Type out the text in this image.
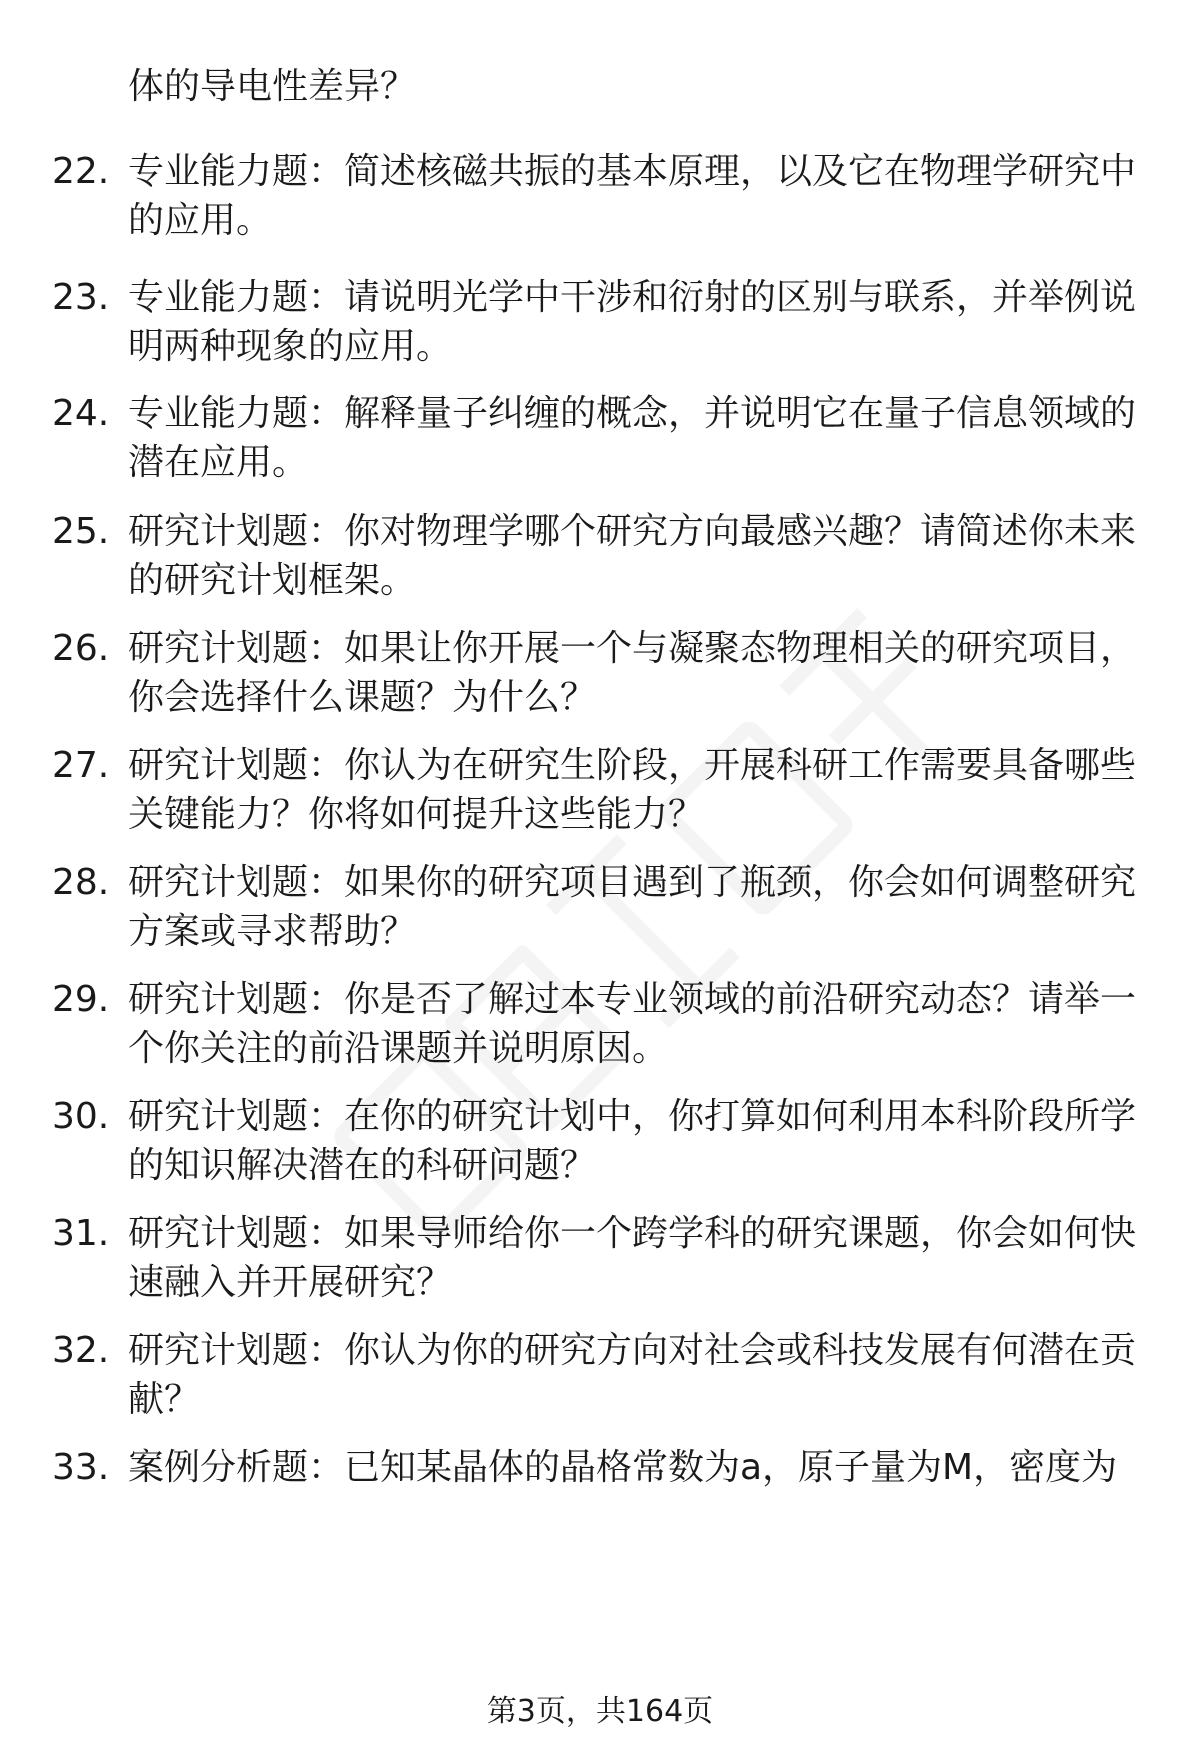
体的导电性差异？

22. 专业能力题：简述核磁共振的基本原理，以及它在物理学研究中的应用。

23. 专业能力题：请说明光学中干涉和衍射的区别与联系，并举例说明两种现象的应用。

24. 专业能力题：解释量子纠缠的概念，并说明它在量子信息领域的潜在应用。

25. 研究计划题：你对物理学哪个研究方向最感兴趣？请简述你未来的研究计划框架。

26. 研究计划题：如果让你开展一个与凝聚态物理相关的研究项目，你会选择什么课题？为什么？

27. 研究计划题：你认为在研究生阶段，开展科研工作需要具备哪些关键能力？你将如何提升这些能力？

28. 研究计划题：如果你的研究项目遇到了瓶颈，你会如何调整研究方案或寻求帮助？

29. 研究计划题：你是否了解过本专业领域的前沿研究动态？请举一个你关注的前沿课题并说明原因。

30. 研究计划题：在你的研究计划中，你打算如何利用本科阶段所学的知识解决潜在的科研问题？

31. 研究计划题：如果导师给你一个跨学科的研究课题，你会如何快速融入并开展研究？

32. 研究计划题：你认为你的研究方向对社会或科技发展有何潜在贡献？

33. 案例分析题：已知某晶体的晶格常数为a，原子量为M，密度为

第3页，共164页
